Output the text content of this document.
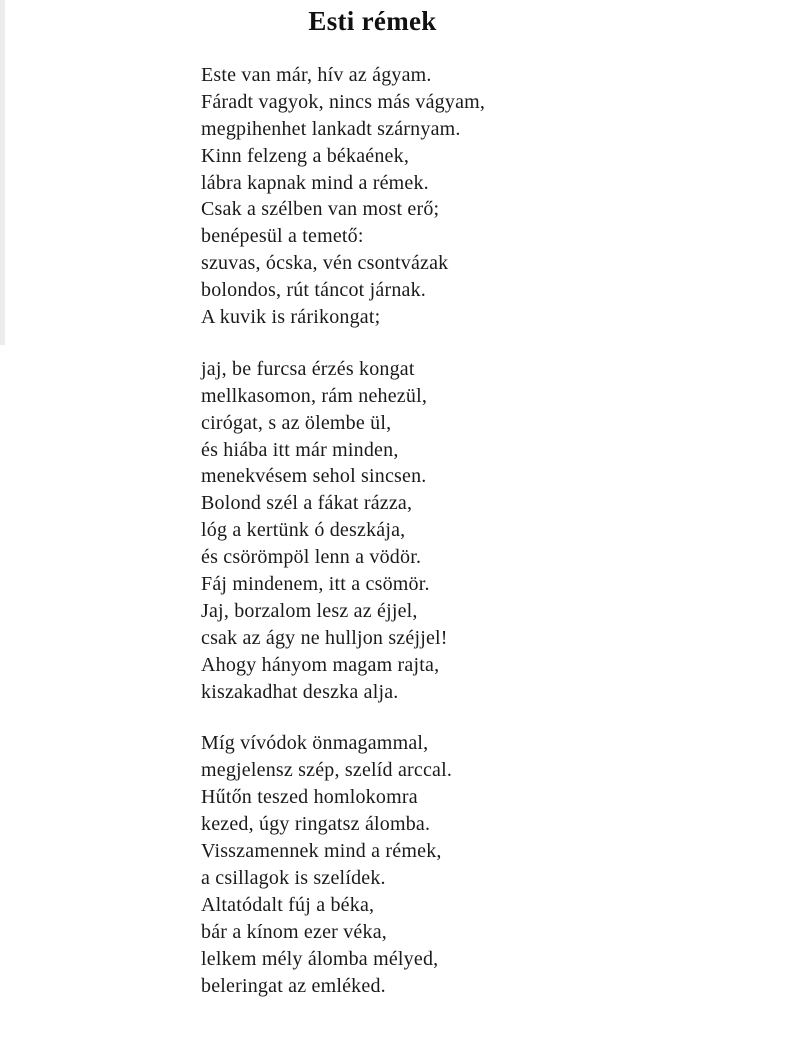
Esti rémek
Este van már, hív az ágyam.
Fáradt vagyok, nincs más vágyam,
megpihenhet lankadt szárnyam.
Kinn felzeng a békaének,
lábra kapnak mind a rémek.
Csak a szélben van most erő;
benépesül a temető:
szuvas, ócska, vén csontvázak
bolondos, rút táncot járnak.
A kuvik is rárikongat;
jaj, be furcsa érzés kongat
mellkasomon, rám nehezül,
cirógat, s az ölembe ül,
és hiába itt már minden,
menekvésem sehol sincsen.
Bolond szél a fákat rázza,
lóg a kertünk ó deszkája,
és csörömpöl lenn a vödör.
Fáj mindenem, itt a csömör.
Jaj, borzalom lesz az éjjel,
csak az ágy ne hulljon széjjel!
Ahogy hányom magam rajta,
kiszakadhat deszka alja.
Míg vívódok önmagammal,
megjelensz szép, szelíd arccal.
Hűtőn teszed homlokomra
kezed, úgy ringatsz álomba.
Visszamennek mind a rémek,
a csillagok is szelídek.
Altatódalt fúj a béka,
bár a kínom ezer véka,
lelkem mély álomba mélyed,
beleringat az emléked.
